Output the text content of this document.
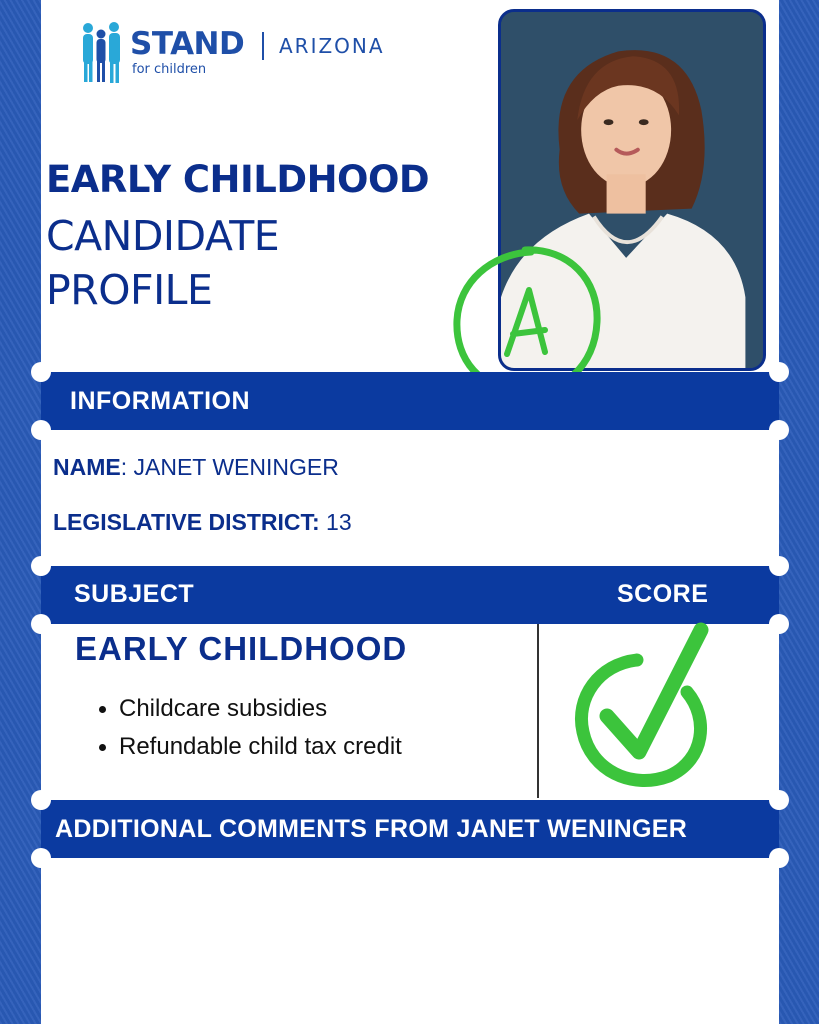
STAND
for children
ARIZONA
EARLY CHILDHOOD
CANDIDATE
PROFILE
A
INFORMATION
NAME: JANET WENINGER
LEGISLATIVE DISTRICT: 13
SUBJECT	SCORE
EARLY CHILDHOOD
Childcare subsidies
Refundable child tax credit
ADDITIONAL COMMENTS FROM JANET WENINGER
